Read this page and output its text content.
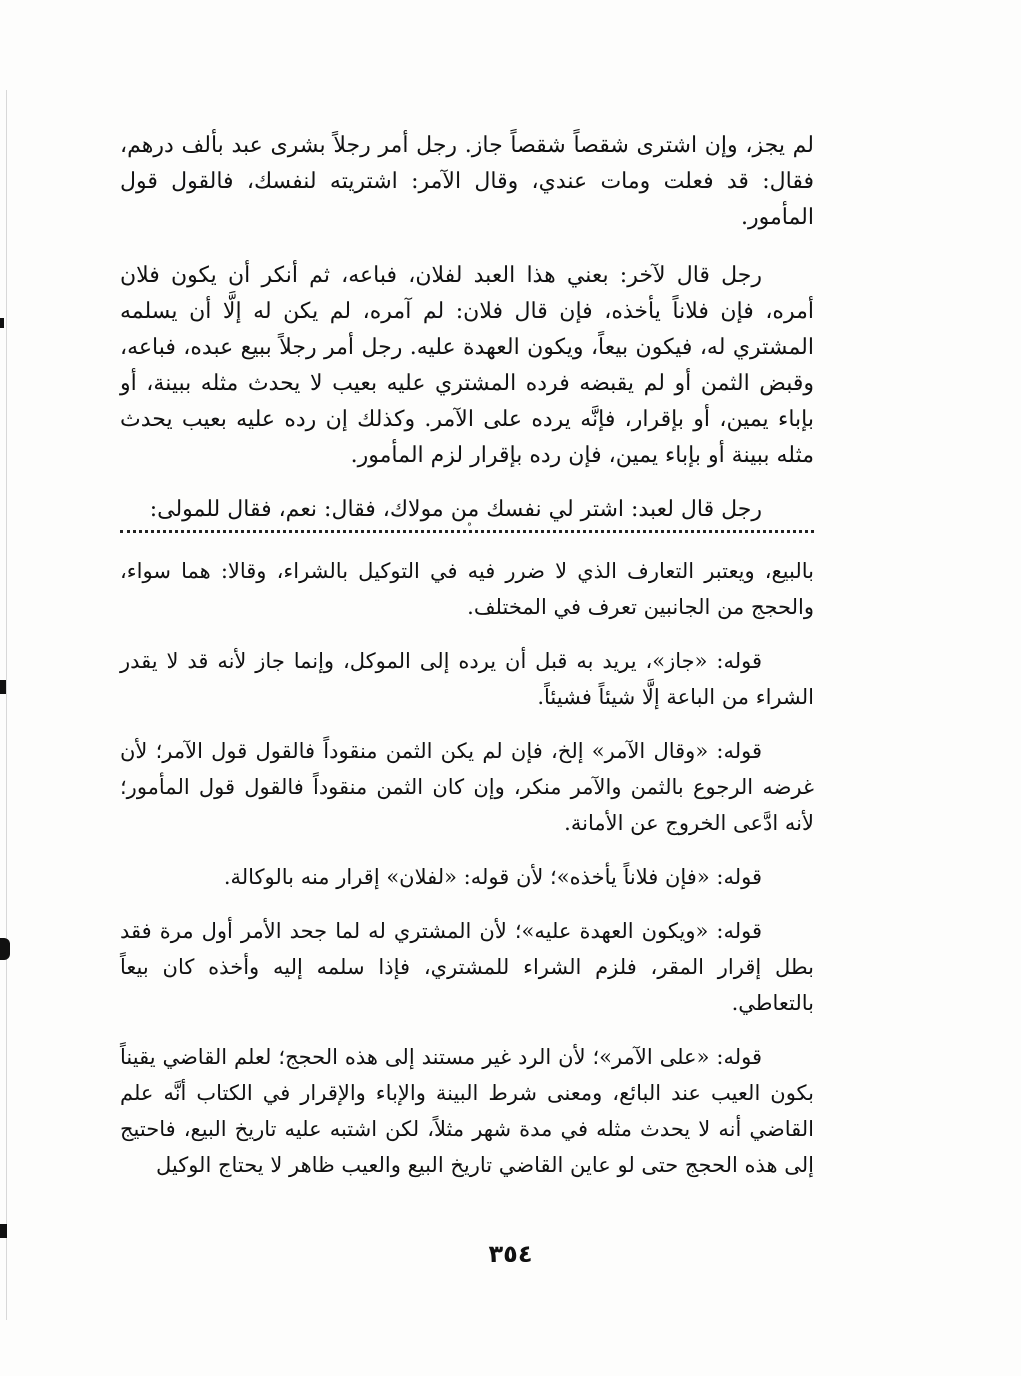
لم يجز، وإن اشترى شقصاً شقصاً جاز. رجل أمر رجلاً بشرى عبد بألف درهم، فقال: قد فعلت ومات عندي، وقال الآمر: اشتريته لنفسك، فالقول قول المأمور.

رجل قال لآخر: بعني هذا العبد لفلان، فباعه، ثم أنكر أن يكون فلان أمره، فإن فلاناً يأخذه، فإن قال فلان: لم آمره، لم يكن له إلَّا أن يسلمه المشتري له، فيكون بيعاً، ويكون العهدة عليه. رجل أمر رجلاً ببيع عبده، فباعه، وقبض الثمن أو لم يقبضه فرده المشتري عليه بعيب لا يحدث مثله ببينة، أو بإباء يمين، أو بإقرار، فإنَّه يرده على الآمر. وكذلك إن رده عليه بعيب يحدث مثله ببينة أو بإباء يمين، فإن رده بإقرار لزم المأمور.

رجل قال لعبد: اشتر لي نفسك من مولاك، فقال: نعم، فقال للمولى:

°

بالبيع، ويعتبر التعارف الذي لا ضرر فيه في التوكيل بالشراء، وقالا: هما سواء، والحجج من الجانبين تعرف في المختلف.

قوله: «جاز»، يريد به قبل أن يرده إلى الموكل، وإنما جاز لأنه قد لا يقدر الشراء من الباعة إلَّا شيئاً فشيئاً.

قوله: «وقال الآمر» إلخ، فإن لم يكن الثمن منقوداً فالقول قول الآمر؛ لأن غرضه الرجوع بالثمن والآمر منكر، وإن كان الثمن منقوداً فالقول قول المأمور؛ لأنه ادَّعى الخروج عن الأمانة.

قوله: «فإن فلاناً يأخذه»؛ لأن قوله: «لفلان» إقرار منه بالوكالة.

قوله: «ويكون العهدة عليه»؛ لأن المشتري له لما جحد الأمر أول مرة فقد بطل إقرار المقر، فلزم الشراء للمشتري، فإذا سلمه إليه وأخذه كان بيعاً بالتعاطي.

قوله: «على الآمر»؛ لأن الرد غير مستند إلى هذه الحجج؛ لعلم القاضي يقيناً بكون العيب عند البائع، ومعنى شرط البينة والإباء والإقرار في الكتاب أنَّه علم القاضي أنه لا يحدث مثله في مدة شهر مثلاً، لكن اشتبه عليه تاريخ البيع، فاحتيج إلى هذه الحجج حتى لو عاين القاضي تاريخ البيع والعيب ظاهر لا يحتاج الوكيل

٣٥٤
